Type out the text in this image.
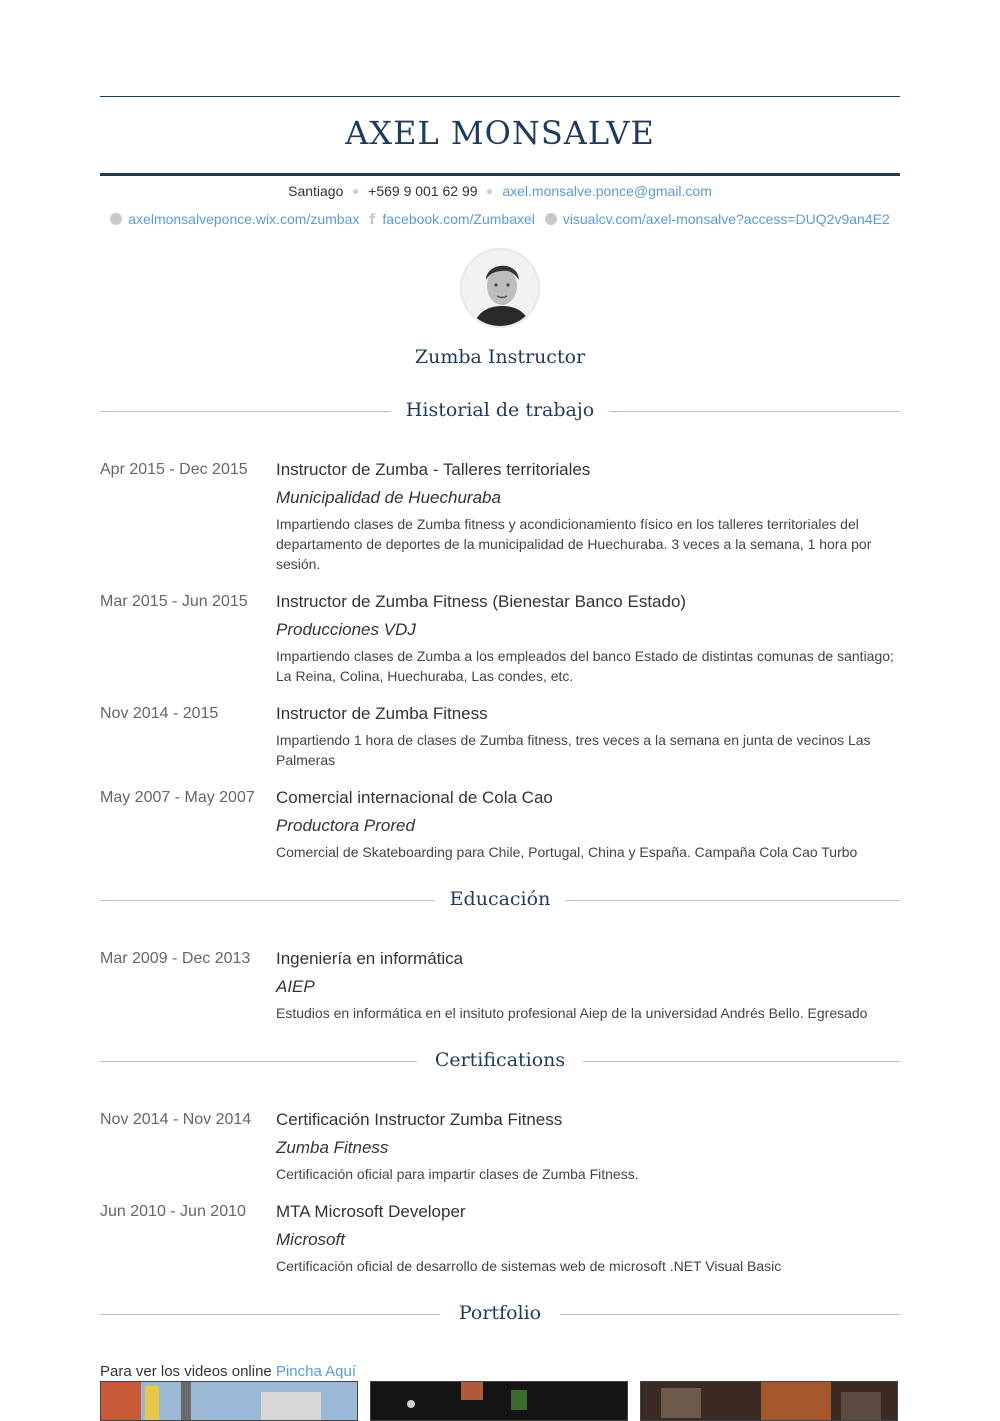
AXEL MONSALVE
Santiago +569 9 001 62 99 axel.monsalve.ponce@gmail.com
axelmonsalveponce.wix.com/zumbax f facebook.com/Zumbaxel visualcv.com/axel-monsalve?access=DUQ2v9an4E2
Zumba Instructor
Historial de trabajo
Apr 2015 - Dec 2015	Instructor de Zumba - Talleres territoriales
Municipalidad de Huechuraba
Impartiendo clases de Zumba fitness y acondicionamiento físico en los talleres territoriales del departamento de deportes de la municipalidad de Huechuraba. 3 veces a la semana, 1 hora por sesión.
Mar 2015 - Jun 2015	Instructor de Zumba Fitness (Bienestar Banco Estado)
Producciones VDJ
Impartiendo clases de Zumba a los empleados del banco Estado de distintas comunas de santiago; La Reina, Colina, Huechuraba, Las condes, etc.
Nov 2014 - 2015	Instructor de Zumba Fitness
Impartiendo 1 hora de clases de Zumba fitness, tres veces a la semana en junta de vecinos Las Palmeras
May 2007 - May 2007	Comercial internacional de Cola Cao
Productora Prored
Comercial de Skateboarding para Chile, Portugal, China y España. Campaña Cola Cao Turbo
Educación
Mar 2009 - Dec 2013	Ingeniería en informática
AIEP
Estudios en informática en el insituto profesional Aiep de la universidad Andrés Bello. Egresado
Certifications
Nov 2014 - Nov 2014	Certificación Instructor Zumba Fitness
Zumba Fitness
Certificación oficial para impartir clases de Zumba Fitness.
Jun 2010 - Jun 2010	MTA Microsoft Developer
Microsoft
Certificación oficial de desarrollo de sistemas web de microsoft .NET Visual Basic
Portfolio
Para ver los videos online Pincha Aquí
